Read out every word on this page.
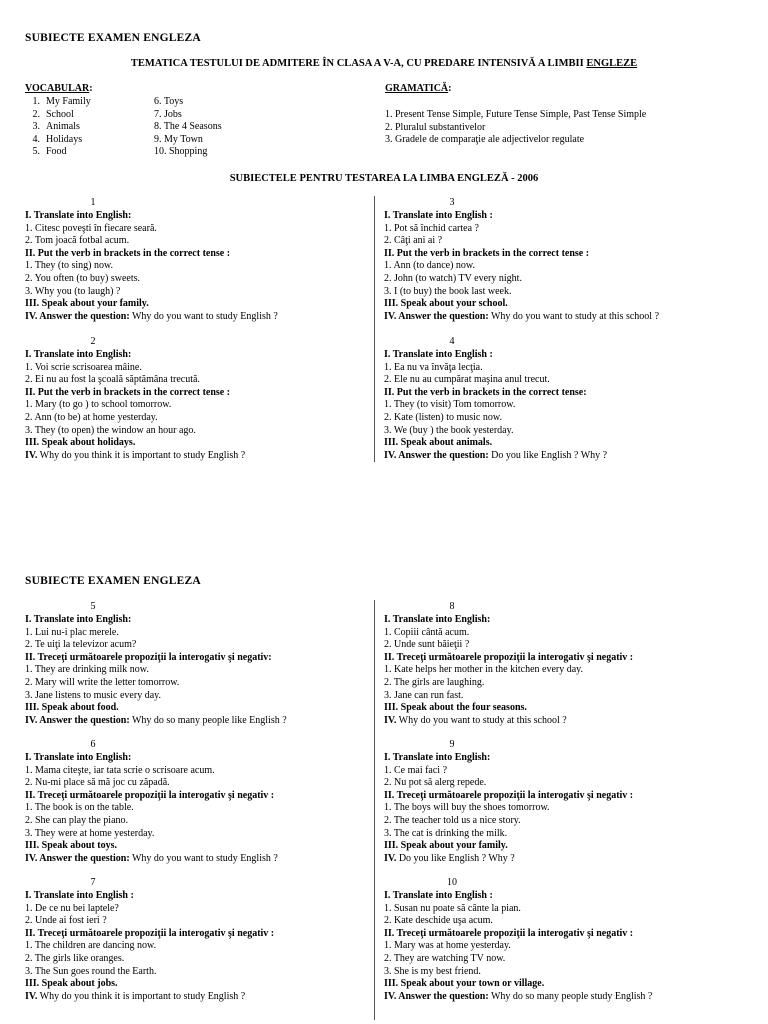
SUBIECTE EXAMEN ENGLEZA
TEMATICA TESTULUI DE ADMITERE ÎN CLASA A V-A, CU PREDARE INTENSIVĂ A LIMBII ENGLEZE
VOCABULAR:
1. My Family
2. School
3. Animals
4. Holidays
5. Food
6. Toys
7. Jobs
8. The 4 Seasons
9. My Town
10. Shopping
GRAMATICĂ:
1. Present Tense Simple, Future Tense Simple, Past Tense Simple
2. Pluralul substantivelor
3. Gradele de comparaţie ale adjectivelor regulate
SUBIECTELE PENTRU TESTAREA LA LIMBA ENGLEZĂ - 2006
1
I. Translate into English:
1. Citesc poveşti în fiecare seară.
2. Tom joacă fotbal acum.
II. Put the verb in brackets in the correct tense :
1. They (to sing) now.
2. You often (to buy) sweets.
3. Why you (to laugh) ?
III. Speak about your family.
IV. Answer the question: Why do you want to study English ?
2
I. Translate into English:
1. Voi scrie scrisoarea mâine.
2. Ei nu au fost la şcoală săptămâna trecută.
II. Put the verb in brackets in the correct tense :
1. Mary (to go ) to school tomorrow.
2. Ann (to be) at home yesterday.
3. They (to open) the window an hour ago.
III. Speak about holidays.
IV. Why do you think it is important to study English ?
3
I. Translate into English :
1. Pot să închid cartea ?
2. Câţi ani ai ?
II. Put the verb in brackets in the correct tense :
1. Ann (to dance) now.
2. John (to watch) TV every night.
3. I (to buy) the book last week.
III. Speak about your school.
IV. Answer the question: Why do you want to study at this school ?
4
I. Translate into English :
1. Ea nu va învăţa lecţia.
2. Ele nu au cumpărat maşina anul trecut.
II. Put the verb in brackets in the correct tense:
1. They (to visit) Tom tomorrow.
2. Kate (listen) to music now.
3. We (buy ) the book yesterday.
III. Speak about animals.
IV. Answer the question: Do you like English ? Why ?
SUBIECTE EXAMEN ENGLEZA
5
I. Translate into English:
1. Lui nu-i plac merele.
2. Te uiţi la televizor acum?
II. Treceţi următoarele propoziţii la interogativ şi negativ:
1. They are drinking milk now.
2. Mary will write the letter tomorrow.
3. Jane listens to music every day.
III. Speak about food.
IV. Answer the question: Why do so many people like English ?
6
I. Translate into English:
1. Mama citeşte, iar tata scrie o scrisoare acum.
2. Nu-mi place să mă joc cu zăpadă.
II. Treceţi următoarele propoziţii la interogativ şi negativ :
1. The book is on the table.
2. She can play the piano.
3. They were at home yesterday.
III. Speak about toys.
IV. Answer the question: Why do you want to study English ?
7
I. Translate into English :
1. De ce nu bei laptele?
2. Unde ai fost ieri ?
II. Treceţi următoarele propoziţii la interogativ şi negativ :
1. The children are dancing now.
2. The girls like oranges.
3. The Sun goes round the Earth.
III. Speak about jobs.
IV. Why do you think it is important to study English ?
8
I. Translate into English:
1. Copiii cântă acum.
2. Unde sunt băieţii ?
II. Treceţi următoarele propoziţii la interogativ şi negativ :
1. Kate helps her mother in the kitchen every day.
2. The girls are laughing.
3. Jane can run fast.
III. Speak about the four seasons.
IV. Why do you want to study at this school ?
9
I. Translate into English:
1. Ce mai faci ?
2. Nu pot să alerg repede.
II. Treceţi următoarele propoziţii la interogativ şi negativ :
1. The boys will buy the shoes tomorrow.
2. The teacher told us a nice story.
3. The cat is drinking the milk.
III. Speak about your family.
IV. Do you like English ? Why ?
10
I. Translate into English :
1. Susan nu poate să cânte la pian.
2. Kate deschide uşa acum.
II. Treceţi următoarele propoziţii la interogativ şi negativ :
1. Mary was at home yesterday.
2. They are watching TV now.
3. She is my best friend.
III. Speak about your town or village.
IV. Answer the question: Why do so many people study English ?
